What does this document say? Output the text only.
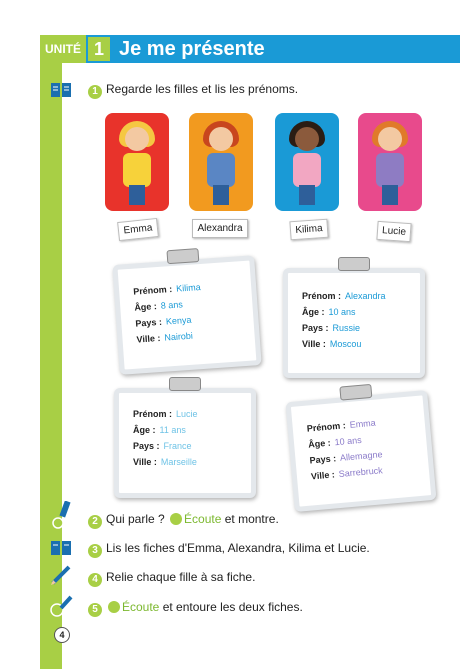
UNITÉ 1 Je me présente
1 Regarde les filles et lis les prénoms.
Emma	Alexandra	Kilima	Lucie
Prénom : Kilima
Âge : 8 ans
Pays : Kenya
Ville : Nairobi
Prénom : Alexandra
Âge : 10 ans
Pays : Russie
Ville : Moscou
Prénom : Lucie
Âge : 11 ans
Pays : France
Ville : Marseille
Prénom : Emma
Âge : 10 ans
Pays : Allemagne
Ville : Sarrebruck
2 Qui parle ? Écoute et montre.
3 Lis les fiches d'Emma, Alexandra, Kilima et Lucie.
4 Relie chaque fille à sa fiche.
5 Écoute et entoure les deux fiches.
4
